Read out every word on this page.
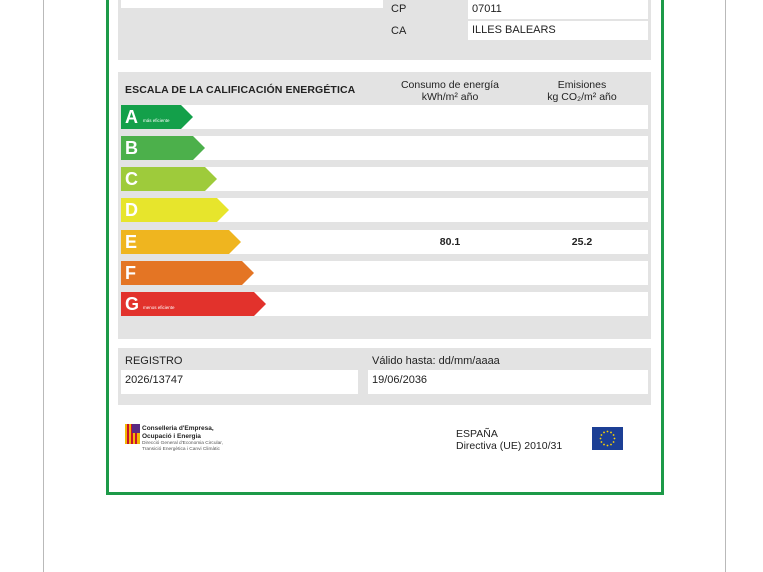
CP	07011
CA	ILLES BALEARS
ESCALA DE LA CALIFICACIÓN ENERGÉTICA	Consumo de energía
kWh/m² año
Emisiones
kg CO₂/m² año
A más eficiente
B
C
D
E	80.1	25.2
F
G menos eficiente
REGISTRO	Válido hasta: dd/mm/aaaa
2026/13747	19/06/2036
Conselleria d'Empresa,
Ocupació i Energia
Direcció General d'Economia Circular,
Transició Energètica i Canvi Climàtic
ESPAÑA
Directiva (UE) 2010/31
